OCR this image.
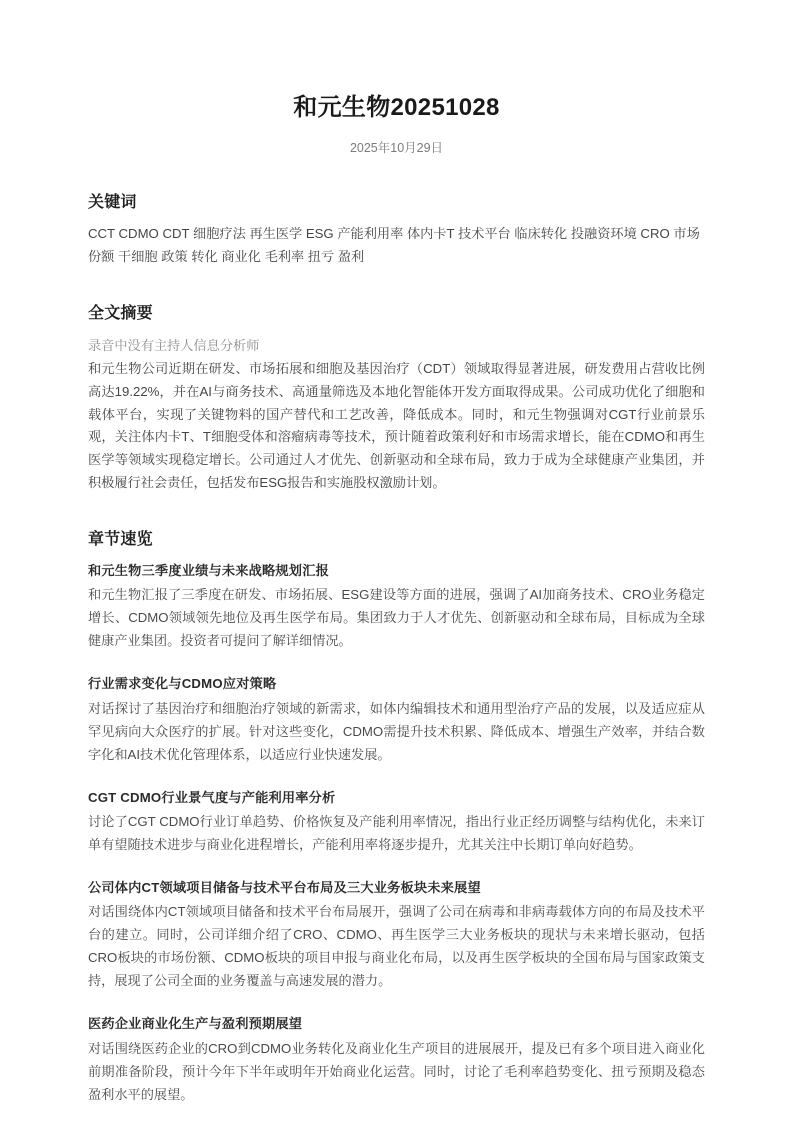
和元生物20251028
2025年10月29日
关键词

CCT CDMO CDT 细胞疗法 再生医学 ESG 产能利用率 体内卡T 技术平台 临床转化 投融资环境 CRO 市场份额 干细胞 政策 转化 商业化 毛利率 扭亏 盈利

全文摘要

录音中没有主持人信息分析师

和元生物公司近期在研发、市场拓展和细胞及基因治疗（CDT）领域取得显著进展，研发费用占营收比例高达19.22%，并在AI与商务技术、高通量筛选及本地化智能体开发方面取得成果。公司成功优化了细胞和载体平台，实现了关键物料的国产替代和工艺改善，降低成本。同时，和元生物强调对CGT行业前景乐观，关注体内卡T、T细胞受体和溶瘤病毒等技术，预计随着政策利好和市场需求增长，能在CDMO和再生医学等领域实现稳定增长。公司通过人才优先、创新驱动和全球布局，致力于成为全球健康产业集团，并积极履行社会责任，包括发布ESG报告和实施股权激励计划。

章节速览
和元生物三季度业绩与未来战略规划汇报

和元生物汇报了三季度在研发、市场拓展、ESG建设等方面的进展，强调了AI加商务技术、CRO业务稳定增长、CDMO领域领先地位及再生医学布局。集团致力于人才优先、创新驱动和全球布局，目标成为全球健康产业集团。投资者可提问了解详细情况。

行业需求变化与CDMO应对策略

对话探讨了基因治疗和细胞治疗领域的新需求，如体内编辑技术和通用型治疗产品的发展，以及适应症从罕见病向大众医疗的扩展。针对这些变化，CDMO需提升技术积累、降低成本、增强生产效率，并结合数字化和AI技术优化管理体系，以适应行业快速发展。

CGT CDMO行业景气度与产能利用率分析

讨论了CGT CDMO行业订单趋势、价格恢复及产能利用率情况，指出行业正经历调整与结构优化，未来订单有望随技术进步与商业化进程增长，产能利用率将逐步提升，尤其关注中长期订单向好趋势。

公司体内CT领域项目储备与技术平台布局及三大业务板块未来展望

对话围绕体内CT领域项目储备和技术平台布局展开，强调了公司在病毒和非病毒载体方向的布局及技术平台的建立。同时，公司详细介绍了CRO、CDMO、再生医学三大业务板块的现状与未来增长驱动，包括CRO板块的市场份额、CDMO板块的项目申报与商业化布局，以及再生医学板块的全国布局与国家政策支持，展现了公司全面的业务覆盖与高速发展的潜力。

医药企业商业化生产与盈利预期展望

对话围绕医药企业的CRO到CDMO业务转化及商业化生产项目的进展展开，提及已有多个项目进入商业化前期准备阶段，预计今年下半年或明年开始商业化运营。同时，讨论了毛利率趋势变化、扭亏预期及稳态盈利水平的展望。
